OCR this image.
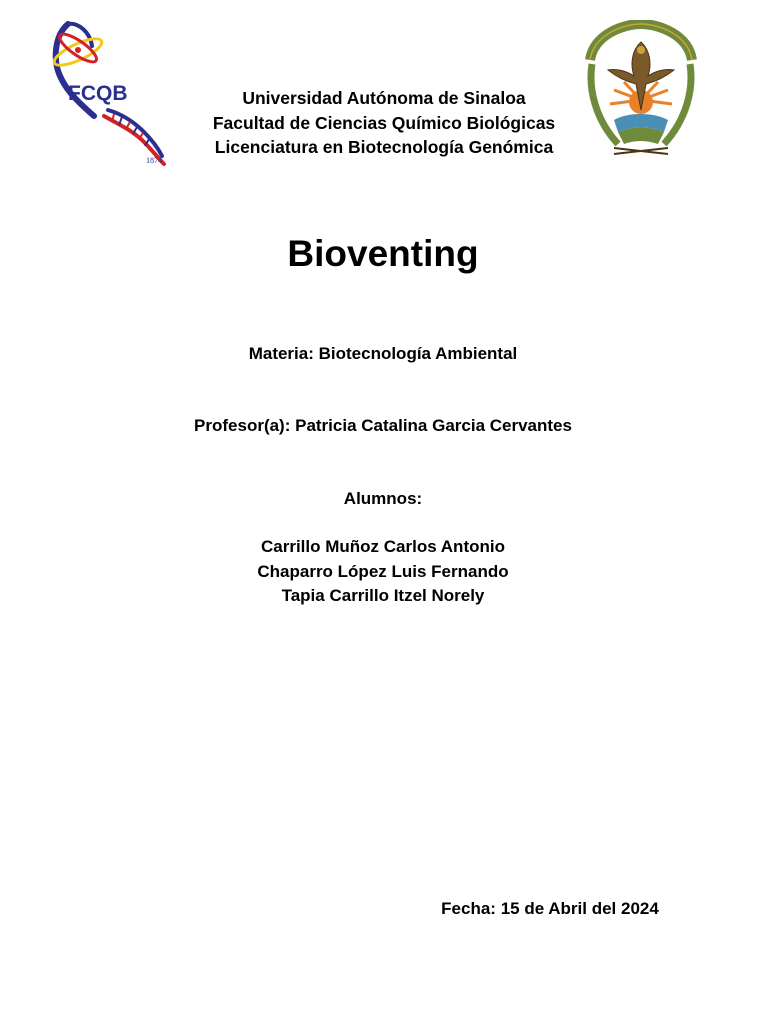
FCQB
1874
Universidad Autónoma de Sinaloa
Facultad de Ciencias Químico Biológicas
Licenciatura en Biotecnología Genómica
Bioventing
Materia: Biotecnología Ambiental
Profesor(a): Patricia Catalina Garcia Cervantes
Alumnos:
Carrillo Muñoz Carlos Antonio
Chaparro López Luis Fernando
Tapia Carrillo Itzel Norely
Fecha: 15 de Abril del 2024
